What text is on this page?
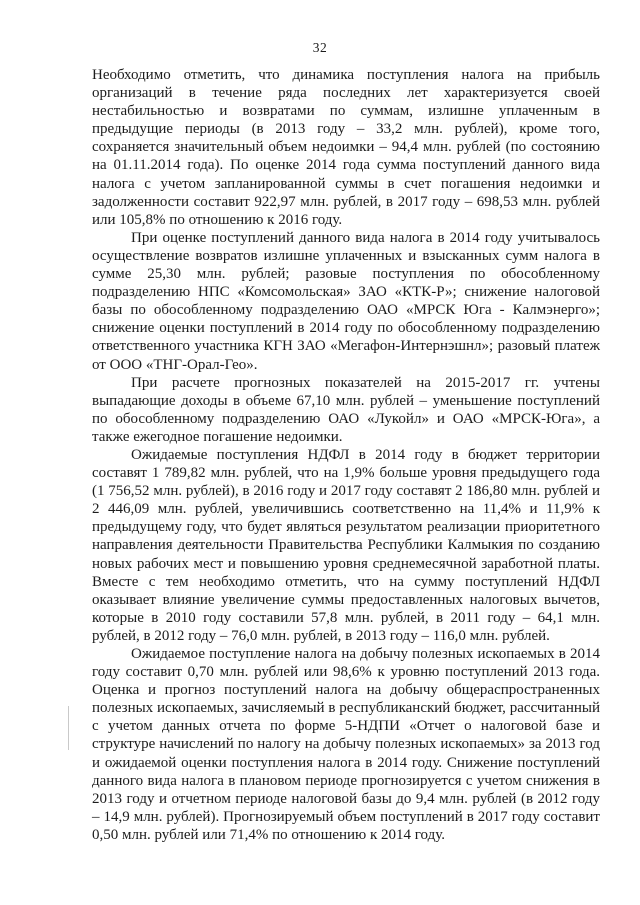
32

Необходимо отметить, что динамика поступления налога на прибыль организаций в течение ряда последних лет характеризуется своей нестабильностью и возвратами по суммам, излишне уплаченным в предыдущие периоды (в 2013 году – 33,2 млн. рублей), кроме того, сохраняется значительный объем недоимки – 94,4 млн. рублей (по состоянию на 01.11.2014 года). По оценке 2014 года сумма поступлений данного вида налога с учетом запланированной суммы в счет погашения недоимки и задолженности составит 922,97 млн. рублей, в 2017 году – 698,53 млн. рублей или 105,8% по отношению к 2016 году.

При оценке поступлений данного вида налога в 2014 году учитывалось осуществление возвратов излишне уплаченных и взысканных сумм налога в сумме 25,30 млн. рублей; разовые поступления по обособленному подразделению НПС «Комсомольская» ЗАО «КТК-Р»; снижение налоговой базы по обособленному подразделению ОАО «МРСК Юга - Калмэнерго»; снижение оценки поступлений в 2014 году по обособленному подразделению ответственного участника КГН ЗАО «Мегафон-Интернэшнл»; разовый платеж от ООО «ТНГ-Орал-Гео».

При расчете прогнозных показателей на 2015-2017 гг. учтены выпадающие доходы в объеме 67,10 млн. рублей – уменьшение поступлений по обособленному подразделению ОАО «Лукойл» и ОАО «МРСК-Юга», а также ежегодное погашение недоимки.

Ожидаемые поступления НДФЛ в 2014 году в бюджет территории составят 1 789,82 млн. рублей, что на 1,9% больше уровня предыдущего года (1 756,52 млн. рублей), в 2016 году и 2017 году составят 2 186,80 млн. рублей и 2 446,09 млн. рублей, увеличившись соответственно на 11,4% и 11,9% к предыдущему году, что будет являться результатом реализации приоритетного направления деятельности Правительства Республики Калмыкия по созданию новых рабочих мест и повышению уровня среднемесячной заработной платы. Вместе с тем необходимо отметить, что на сумму поступлений НДФЛ оказывает влияние увеличение суммы предоставленных налоговых вычетов, которые в 2010 году составили 57,8 млн. рублей, в 2011 году – 64,1 млн. рублей, в 2012 году – 76,0 млн. рублей, в 2013 году – 116,0 млн. рублей.

Ожидаемое поступление налога на добычу полезных ископаемых в 2014 году составит 0,70 млн. рублей или 98,6% к уровню поступлений 2013 года. Оценка и прогноз поступлений налога на добычу общераспространенных полезных ископаемых, зачисляемый в республиканский бюджет, рассчитанный с учетом данных отчета по форме 5-НДПИ «Отчет о налоговой базе и структуре начислений по налогу на добычу полезных ископаемых» за 2013 год и ожидаемой оценки поступления налога в 2014 году. Снижение поступлений данного вида налога в плановом периоде прогнозируется с учетом снижения в 2013 году и отчетном периоде налоговой базы до 9,4 млн. рублей (в 2012 году – 14,9 млн. рублей). Прогнозируемый объем поступлений в 2017 году составит 0,50 млн. рублей или 71,4% по отношению к 2014 году.
